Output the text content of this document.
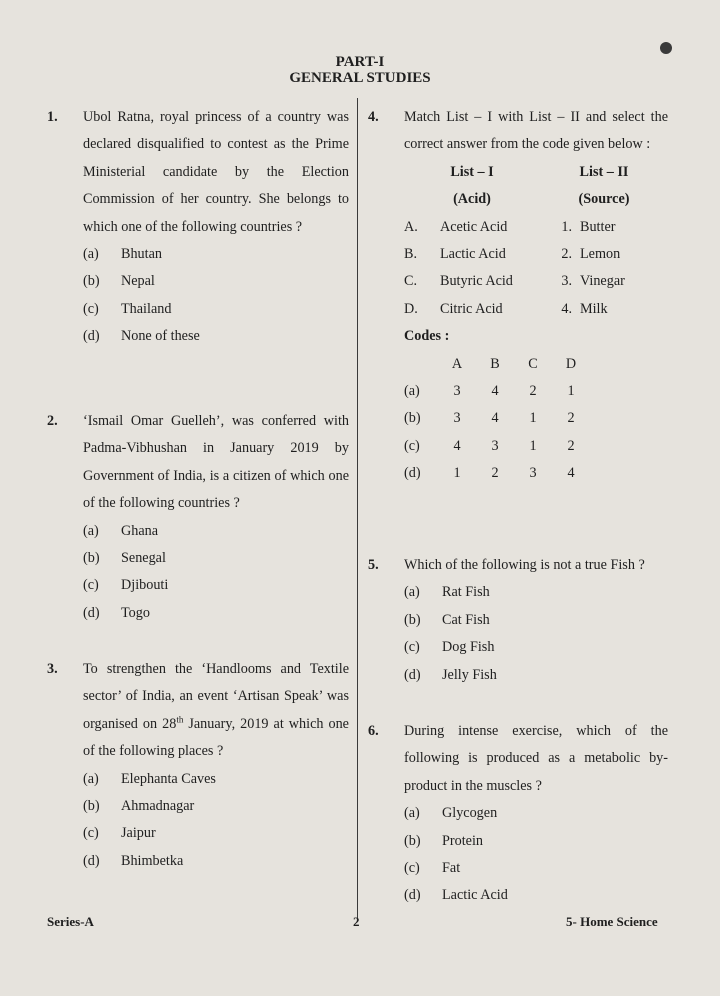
PART-I
GENERAL STUDIES
1. Ubol Ratna, royal princess of a country was declared disqualified to contest as the Prime Ministerial candidate by the Election Commission of her country. She belongs to which one of the following countries ?

(a)	Bhutan
(b)	Nepal
(c)	Thailand
(d)	None of these
2. ‘Ismail Omar Guelleh’, was conferred with Padma-Vibhushan in January 2019 by Government of India, is a citizen of which one of the following countries ?

(a)	Ghana
(b)	Senegal
(c)	Djibouti
(d)	Togo
3. To strengthen the ‘Handlooms and Textile sector’ of India, an event ‘Artisan Speak’ was organised on 28th January, 2019 at which one of the following places ?

(a)	Elephanta Caves
(b)	Ahmadnagar
(c)	Jaipur
(d)	Bhimbetka
4. Match List – I with List – II and select the correct answer from the code given below :

List – I	List – II
(Acid)	(Source)
A.	Acetic Acid	1. Butter
B.	Lactic Acid	2. Lemon
C.	Butyric Acid	3. Vinegar
D.	Citric Acid	4. Milk

Codes :

A	B	C	D
(a)	3	4	2	1
(b)	3	4	1	2
(c)	4	3	1	2
(d)	1	2	3	4
5. Which of the following is not a true Fish ?

(a)	Rat Fish
(b)	Cat Fish
(c)	Dog Fish
(d)	Jelly Fish
6. During intense exercise, which of the following is produced as a metabolic by-product in the muscles ?

(a)	Glycogen
(b)	Protein
(c)	Fat
(d)	Lactic Acid
Series-A	2	5- Home Science
